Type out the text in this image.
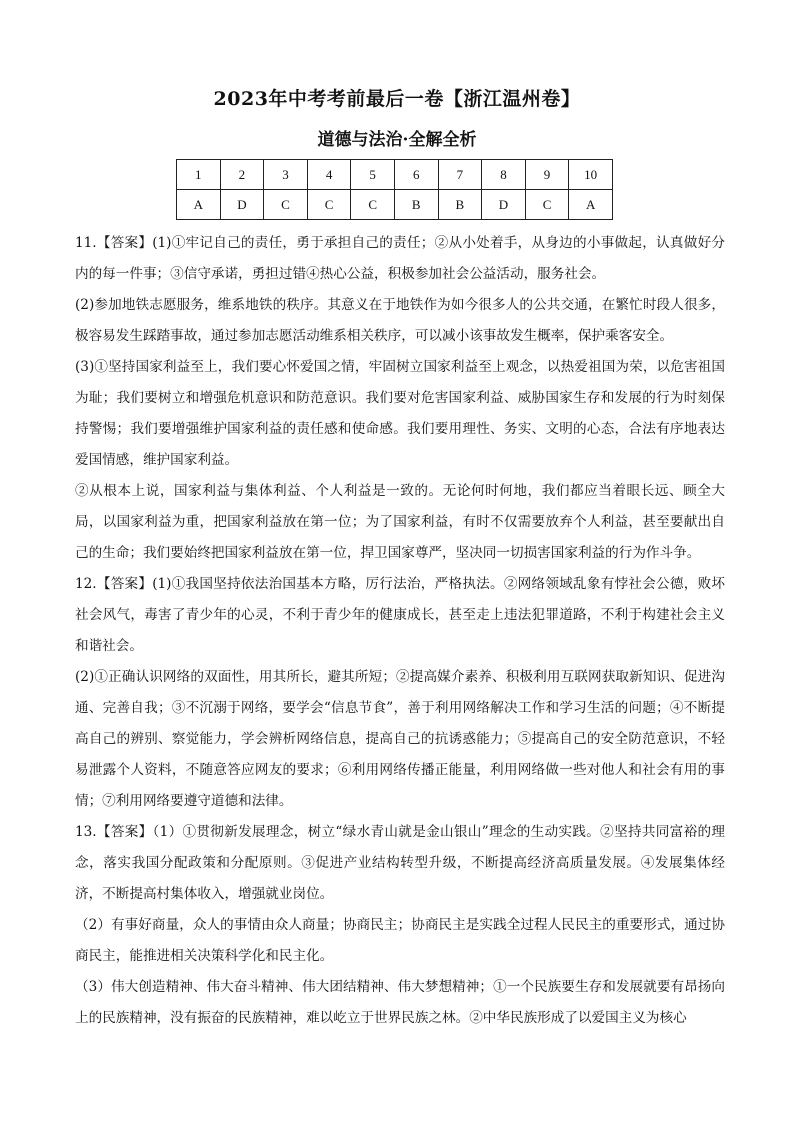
2023年中考考前最后一卷【浙江温州卷】
道德与法治·全解全析
1	2	3	4	5	6	7	8	9	10
A	D	C	C	C	B	B	D	C	A

11.【答案】(1)①牢记自己的责任，勇于承担自己的责任；②从小处着手，从身边的小事做起，认真做好分内的每一件事；③信守承诺，勇担过错④热心公益，积极参加社会公益活动，服务社会。

(2)参加地铁志愿服务，维系地铁的秩序。其意义在于地铁作为如今很多人的公共交通，在繁忙时段人很多，极容易发生踩踏事故，通过参加志愿活动维系相关秩序，可以减小该事故发生概率，保护乘客安全。

(3)①坚持国家利益至上，我们要心怀爱国之情，牢固树立国家利益至上观念，以热爱祖国为荣，以危害祖国为耻；我们要树立和增强危机意识和防范意识。我们要对危害国家利益、威胁国家生存和发展的行为时刻保持警惕；我们要增强维护国家利益的责任感和使命感。我们要用理性、务实、文明的心态，合法有序地表达爱国情感，维护国家利益。

②从根本上说，国家利益与集体利益、个人利益是一致的。无论何时何地，我们都应当着眼长远、顾全大局，以国家利益为重，把国家利益放在第一位；为了国家利益，有时不仅需要放弃个人利益，甚至要献出自己的生命；我们要始终把国家利益放在第一位，捍卫国家尊严，坚决同一切损害国家利益的行为作斗争。

12.【答案】(1)①我国坚持依法治国基本方略，厉行法治，严格执法。②网络领域乱象有悖社会公德，败坏社会风气，毒害了青少年的心灵，不利于青少年的健康成长，甚至走上违法犯罪道路，不利于构建社会主义和谐社会。

(2)①正确认识网络的双面性，用其所长，避其所短；②提高媒介素养、积极利用互联网获取新知识、促进沟通、完善自我；③不沉溺于网络，要学会“信息节食”，善于利用网络解决工作和学习生活的问题；④不断提高自己的辨别、察觉能力，学会辨析网络信息，提高自己的抗诱惑能力；⑤提高自己的安全防范意识，不轻易泄露个人资料，不随意答应网友的要求；⑥利用网络传播正能量，利用网络做一些对他人和社会有用的事情；⑦利用网络要遵守道德和法律。

13.【答案】（1）①贯彻新发展理念，树立“绿水青山就是金山银山”理念的生动实践。②坚持共同富裕的理念，落实我国分配政策和分配原则。③促进产业结构转型升级，不断提高经济高质量发展。④发展集体经济，不断提高村集体收入，增强就业岗位。

（2）有事好商量，众人的事情由众人商量；协商民主；协商民主是实践全过程人民民主的重要形式，通过协商民主，能推进相关决策科学化和民主化。

（3）伟大创造精神、伟大奋斗精神、伟大团结精神、伟大梦想精神；①一个民族要生存和发展就要有昂扬向上的民族精神，没有振奋的民族精神，难以屹立于世界民族之林。②中华民族形成了以爱国主义为核心
